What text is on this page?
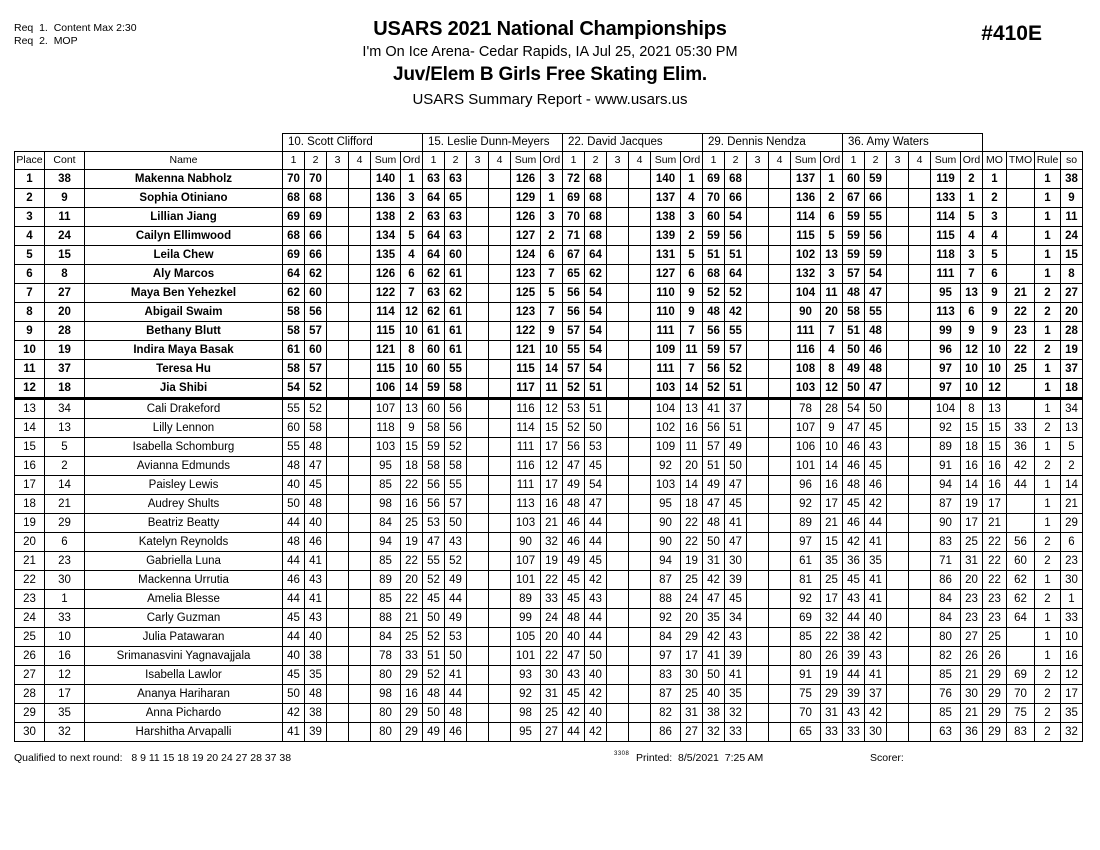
Req  1.  Content Max 2:30
Req  2.  MOP
USARS 2021 National Championships
I'm On Ice Arena- Cedar Rapids, IA Jul 25, 2021 05:30 PM
Juv/Elem B Girls Free Skating Elim.
USARS Summary Report - www.usars.us
#410E
			10. Scott Clifford						15. Leslie Dunn-Meyers						22. David Jacques						29. Dennis Nendza						36. Amy Waters									
Place	Cont	Name	1	2	3	4	Sum	Ord	1	2	3	4	Sum	Ord	1	2	3	4	Sum	Ord	1	2	3	4	Sum	Ord	1	2	3	4	Sum	Ord	MO	TMO	Rule	so
1	38	Makenna Nabholz	70	70			140	1	63	63			126	3	72	68			140	1	69	68			137	1	60	59			119	2	1		1	38
2	9	Sophia Otiniano	68	68			136	3	64	65			129	1	69	68			137	4	70	66			136	2	67	66			133	1	2		1	9
3	11	Lillian Jiang	69	69			138	2	63	63			126	3	70	68			138	3	60	54			114	6	59	55			114	5	3		1	11
4	24	Cailyn Ellimwood	68	66			134	5	64	63			127	2	71	68			139	2	59	56			115	5	59	56			115	4	4		1	24
5	15	Leila Chew	69	66			135	4	64	60			124	6	67	64			131	5	51	51			102	13	59	59			118	3	5		1	15
6	8	Aly Marcos	64	62			126	6	62	61			123	7	65	62			127	6	68	64			132	3	57	54			111	7	6		1	8
7	27	Maya Ben Yehezkel	62	60			122	7	63	62			125	5	56	54			110	9	52	52			104	11	48	47			95	13	9	21	2	27
8	20	Abigail Swaim	58	56			114	12	62	61			123	7	56	54			110	9	48	42			90	20	58	55			113	6	9	22	2	20
9	28	Bethany Blutt	58	57			115	10	61	61			122	9	57	54			111	7	56	55			111	7	51	48			99	9	9	23	1	28
10	19	Indira Maya Basak	61	60			121	8	60	61			121	10	55	54			109	11	59	57			116	4	50	46			96	12	10	22	2	19
11	37	Teresa Hu	58	57			115	10	60	55			115	14	57	54			111	7	56	52			108	8	49	48			97	10	10	25	1	37
12	18	Jia Shibi	54	52			106	14	59	58			117	11	52	51			103	14	52	51			103	12	50	47			97	10	12		1	18
13	34	Cali Drakeford	55	52			107	13	60	56			116	12	53	51			104	13	41	37			78	28	54	50			104	8	13		1	34
14	13	Lilly Lennon	60	58			118	9	58	56			114	15	52	50			102	16	56	51			107	9	47	45			92	15	15	33	2	13
15	5	Isabella Schomburg	55	48			103	15	59	52			111	17	56	53			109	11	57	49			106	10	46	43			89	18	15	36	1	5
16	2	Avianna Edmunds	48	47			95	18	58	58			116	12	47	45			92	20	51	50			101	14	46	45			91	16	16	42	2	2
17	14	Paisley Lewis	40	45			85	22	56	55			111	17	49	54			103	14	49	47			96	16	48	46			94	14	16	44	1	14
18	21	Audrey Shults	50	48			98	16	56	57			113	16	48	47			95	18	47	45			92	17	45	42			87	19	17		1	21
19	29	Beatriz Beatty	44	40			84	25	53	50			103	21	46	44			90	22	48	41			89	21	46	44			90	17	21		1	29
20	6	Katelyn Reynolds	48	46			94	19	47	43			90	32	46	44			90	22	50	47			97	15	42	41			83	25	22	56	2	6
21	23	Gabriella Luna	44	41			85	22	55	52			107	19	49	45			94	19	31	30			61	35	36	35			71	31	22	60	2	23
22	30	Mackenna Urrutia	46	43			89	20	52	49			101	22	45	42			87	25	42	39			81	25	45	41			86	20	22	62	1	30
23	1	Amelia Blesse	44	41			85	22	45	44			89	33	45	43			88	24	47	45			92	17	43	41			84	23	23	62	2	1
24	33	Carly Guzman	45	43			88	21	50	49			99	24	48	44			92	20	35	34			69	32	44	40			84	23	23	64	1	33
25	10	Julia Patawaran	44	40			84	25	52	53			105	20	40	44			84	29	42	43			85	22	38	42			80	27	25		1	10
26	16	Srimanasvini Yagnavajjala	40	38			78	33	51	50			101	22	47	50			97	17	41	39			80	26	39	43			82	26	26		1	16
27	12	Isabella Lawlor	45	35			80	29	52	41			93	30	43	40			83	30	50	41			91	19	44	41			85	21	29	69	2	12
28	17	Ananya Hariharan	50	48			98	16	48	44			92	31	45	42			87	25	40	35			75	29	39	37			76	30	29	70	2	17
29	35	Anna Pichardo	42	38			80	29	50	48			98	25	42	40			82	31	38	32			70	31	43	42			85	21	29	75	2	35
30	32	Harshitha Arvapalli	41	39			80	29	49	46			95	27	44	42			86	27	32	33			65	33	33	30			63	36	29	83	2	32
Qualified to next round:   8 9 11 15 18 19 20 24 27 28 37 38	3308 Printed:  8/5/2021  7:25 AM	Scorer:
